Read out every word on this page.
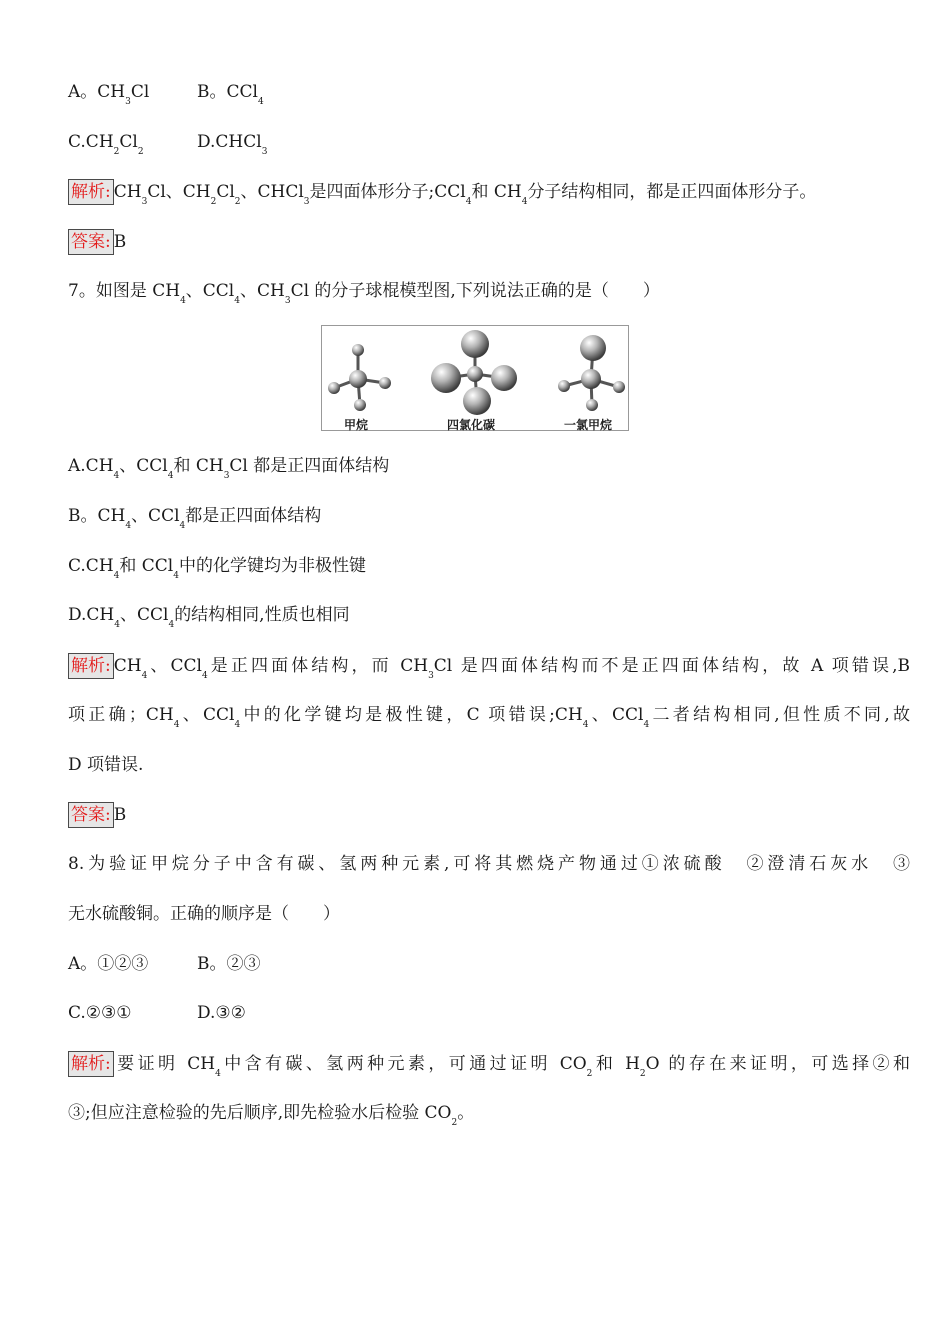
A。$CH_3Cl$	B。CCl$_4$
$C.CH_2Cl_2$	D.CHCl$_3$
解析: $CH_3Cl$、$CH_2Cl_2$、CHCl$_3$是四面体形分子;CCl$_4$和 $CH_4$分子结构相同，都是正四面体形分子。
答案: B
7。如图是 $CH_4$、CCl$_4$、$CH_3Cl$ 的分子球棍模型图,下列说法正确的是（　　）
甲烷	四氯化碳	一氯甲烷
$A.CH_4$、CCl$_4$和 $CH_3Cl$ 都是正四面体结构
B。$CH_4$、CCl$_4$都是正四面体结构
$C.CH_4$和 CCl$_4$中的化学键均为非极性键
$D.CH_4$、CCl$_4$的结构相同,性质也相同
解析: $CH_4$、CCl$_4$是正四面体结构，而 $CH_3Cl$ 是四面体结构而不是正四面体结构，故 A 项错误,B
项正确；$CH_4$、CCl$_4$中的化学键均是极性键，C 项错误$;CH_4$、CCl$_4$二者结构相同,但性质不同,故
D 项错误.
答案: B
8.为验证甲烷分子中含有碳、氢两种元素,可将其燃烧产物通过①浓硫酸　②澄清石灰水　③
无水硫酸铜。正确的顺序是（　　）
A。①②③	B。②③
C.②③①	D.③②
解析: 要证明 $CH_4$中含有碳、氢两种元素，可通过证明 $CO_2$和 $H_2O$ 的存在来证明，可选择②和
③;但应注意检验的先后顺序,即先检验水后检验 $CO_2$。
